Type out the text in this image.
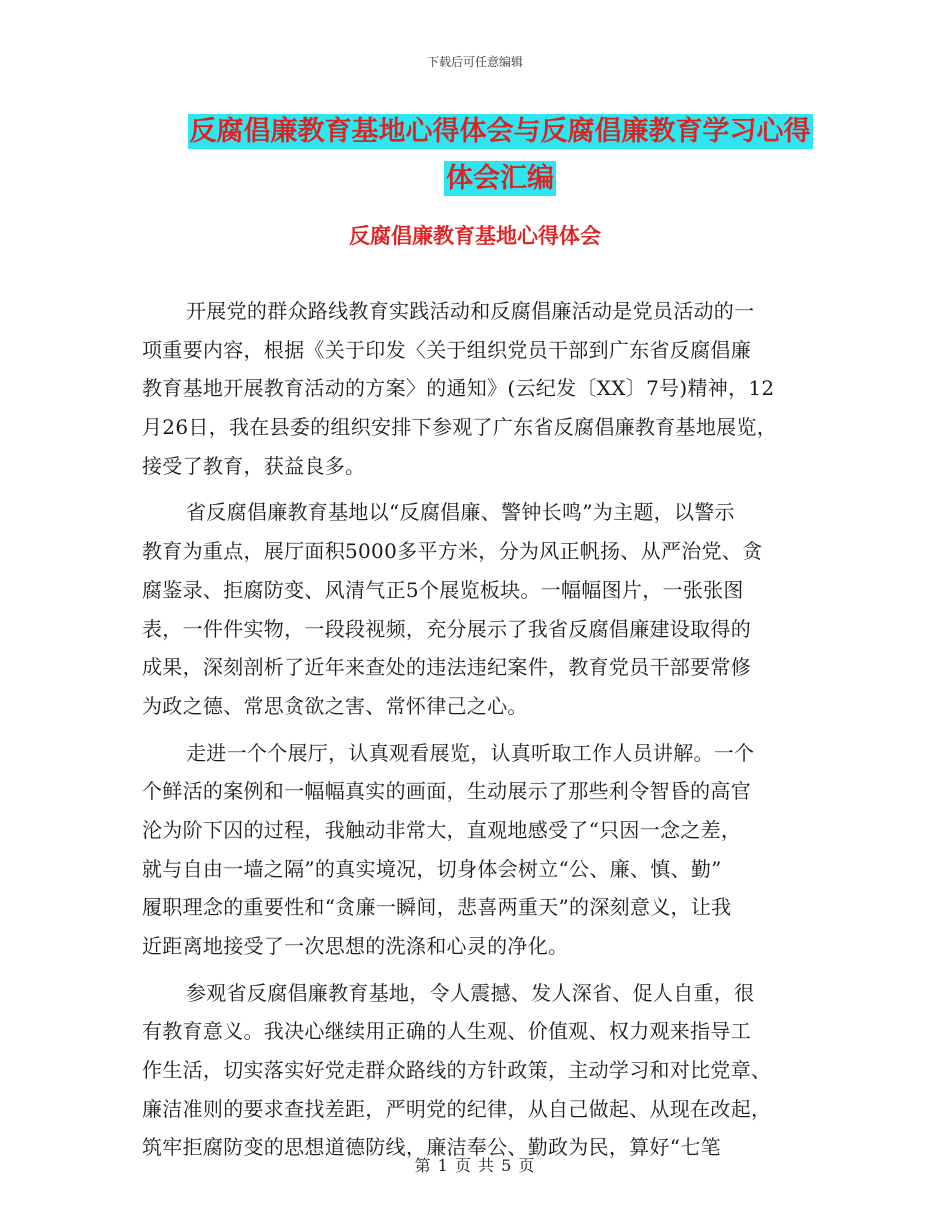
下载后可任意编辑
反腐倡廉教育基地心得体会与反腐倡廉教育学习心得
体会汇编
反腐倡廉教育基地心得体会
开展党的群众路线教育实践活动和反腐倡廉活动是党员活动的一
项重要内容，根据《关于印发〈关于组织党员干部到广东省反腐倡廉
教育基地开展教育活动的方案〉的通知》(云纪发〔XX〕7号)精神，12
月26日，我在县委的组织安排下参观了广东省反腐倡廉教育基地展览，
接受了教育，获益良多。
省反腐倡廉教育基地以“反腐倡廉、警钟长鸣”为主题，以警示
教育为重点，展厅面积5000多平方米，分为风正帆扬、从严治党、贪
腐鉴录、拒腐防变、风清气正5个展览板块。一幅幅图片，一张张图
表，一件件实物，一段段视频，充分展示了我省反腐倡廉建设取得的
成果，深刻剖析了近年来查处的违法违纪案件，教育党员干部要常修
为政之德、常思贪欲之害、常怀律己之心。
走进一个个展厅，认真观看展览，认真听取工作人员讲解。一个
个鲜活的案例和一幅幅真实的画面，生动展示了那些利令智昏的高官
沦为阶下囚的过程，我触动非常大，直观地感受了“只因一念之差，
就与自由一墙之隔”的真实境况，切身体会树立“公、廉、慎、勤”
履职理念的重要性和“贪廉一瞬间，悲喜两重天”的深刻意义，让我
近距离地接受了一次思想的洗涤和心灵的净化。
参观省反腐倡廉教育基地，令人震撼、发人深省、促人自重，很
有教育意义。我决心继续用正确的人生观、价值观、权力观来指导工
作生活，切实落实好党走群众路线的方针政策，主动学习和对比党章、
廉洁准则的要求查找差距，严明党的纪律，从自己做起、从现在改起，
筑牢拒腐防变的思想道德防线，廉洁奉公、勤政为民，算好“七笔
第 1 页 共 5 页
